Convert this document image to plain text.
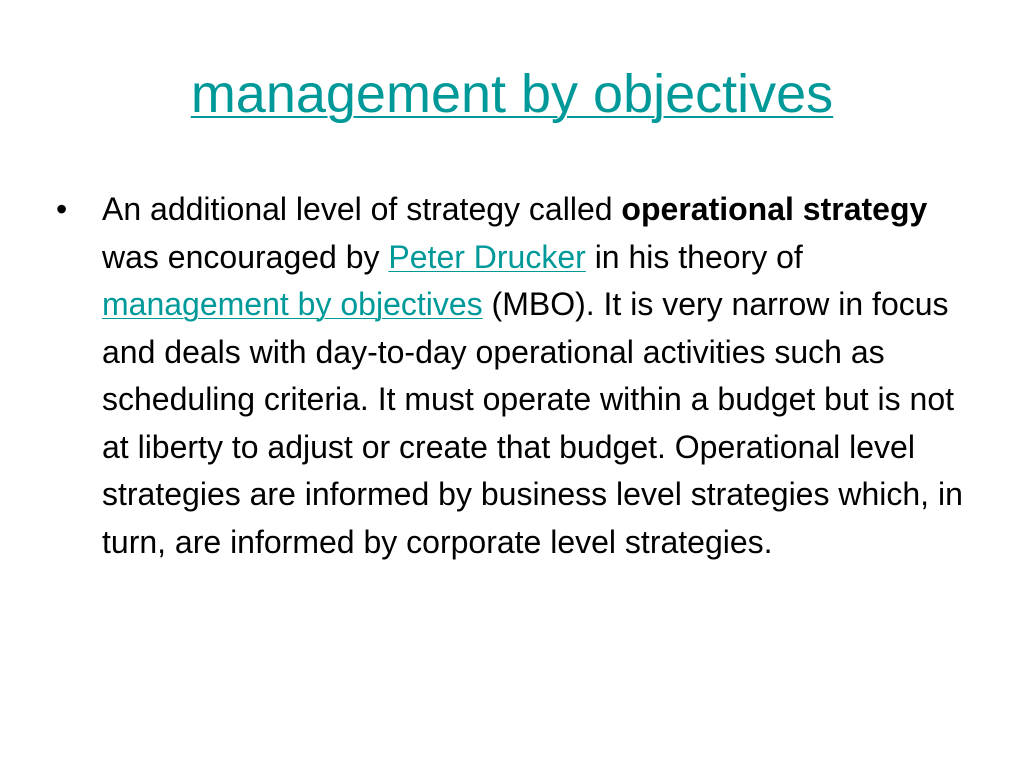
management by objectives
•	An additional level of strategy called operational strategy was encouraged by Peter Drucker in his theory of management by objectives (MBO). It is very narrow in focus and deals with day-to-day operational activities such as scheduling criteria. It must operate within a budget but is not at liberty to adjust or create that budget. Operational level strategies are informed by business level strategies which, in turn, are informed by corporate level strategies.
